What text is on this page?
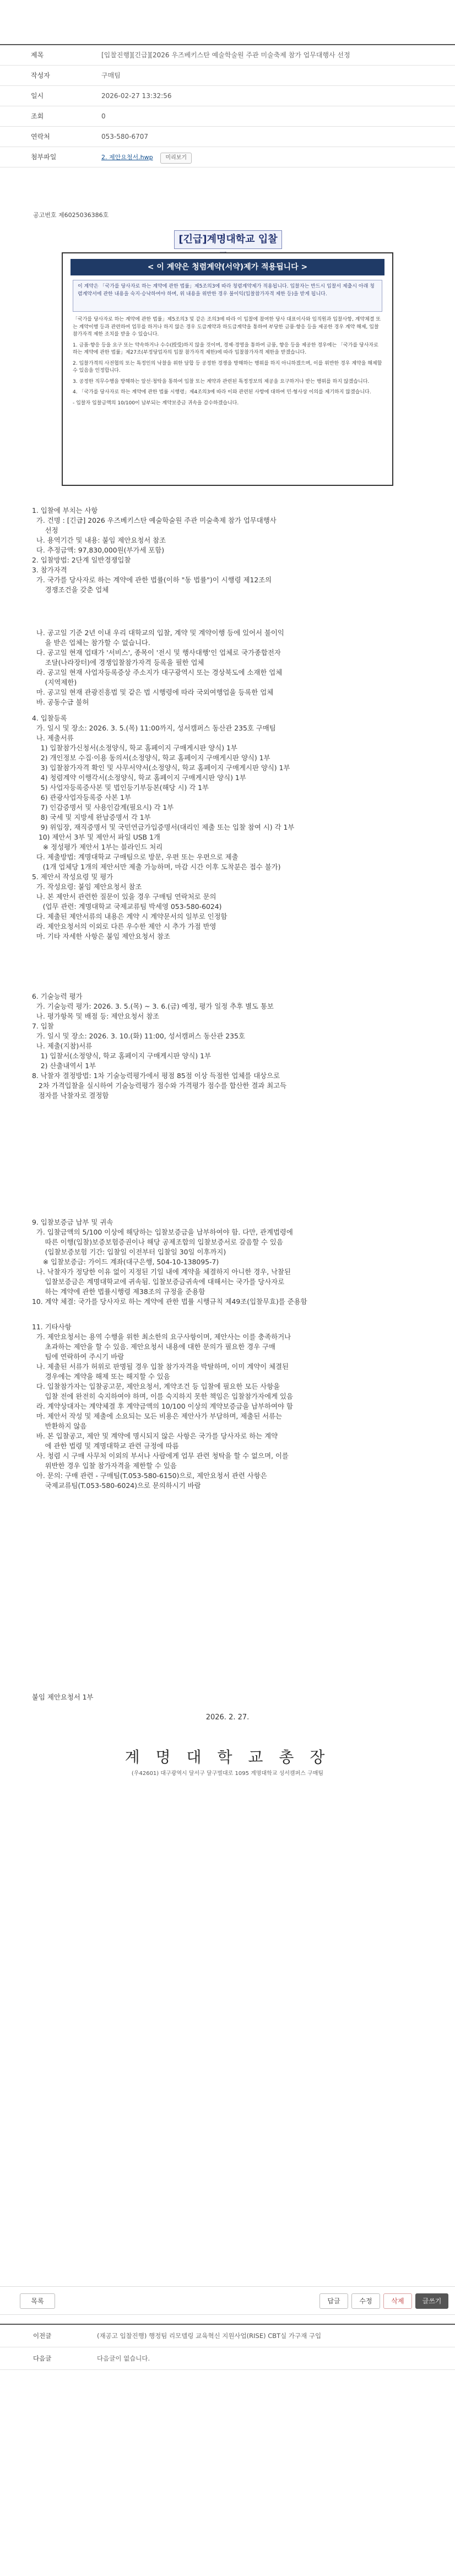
제목	[입찰진행][긴급][2026 우즈베키스탄 예술학술원 주관 미술축제 참가 업무대행사 선정
작성자	구매팀
일시	2026-02-27 13:32:56
조회	0
연락처	053-580-6707
첨부파일	2. 제안요청서.hwp 미리보기
공고번호 제6025036386호
[긴급]계명대학교 입찰
< 이 계약은 청렴계약(서약)제가 적용됩니다 >
이 계약은 「국가를 당사자로 하는 계약에 관한 법률」제5조의3에 따라 청렴계약제가 적용됩니다. 입찰자는 반드시 입찰서 제출시 아래 청렴계약서에 관한 내용을 숙지·승낙하여야 하며, 위 내용을 위반한 경우 불이익(입찰참가자격 제한 등)을 받게 됩니다.

「국가를 당사자로 하는 계약에 관한 법률」제5조의3 및 같은 조의3에 따라 이 입찰에 참여한 당사 대표이사와 임직원과 입찰사항, 계약체결 또는 계약이행 등과 관련하여 업무를 하거나 하지 않은 경우 도급계약과 하도급계약을 통하여 부당한 금품·향응 등을 제공한 경우 계약 해제, 입찰참가자격 제한 조치를 받을 수 있습니다.

1. 금품·향응 등을 요구 또는 약속하거나 수수(授受)하지 않을 것이며, 경제·경영을 통하여 금품, 향응 등을 제공한 경우에는 「국가를 당사자로 하는 계약에 관한 법률」제27조(부정당업자의 입찰 참가자격 제한)에 따라 입찰참가자격 제한을 받겠습니다.

2. 입찰가격의 사전협의 또는 특정인의 낙찰을 위한 담합 등 공정한 경쟁을 방해하는 행위를 하지 아니하겠으며, 이를 위반한 경우 계약을 해제할 수 있음을 인정합니다.

3. 공정한 직무수행을 방해하는 알선·청탁을 통하여 입찰 또는 계약과 관련된 특정정보의 제공을 요구하거나 받는 행위를 하지 않겠습니다.

4. 「국가를 당사자로 하는 계약에 관한 법률 시행령」제4조의3에 따라 이와 관련된 사항에 대하여 민·형사상 이의를 제기하지 않겠습니다.

- 입찰자 입찰금액의 10/100이 납부되는 계약보증금 귀속을 감수하겠습니다.

1. 입찰에 부치는 사항

가. 건명 : [긴급] 2026 우즈베키스탄 예술학술원 주관 미술축제 참가 업무대행사

선정

나. 용역기간 및 내용: 붙임 제안요청서 참조

다. 추정금액: 97,830,000원(부가세 포함)

2. 입찰방법: 2단계 일반경쟁입찰

3. 참가자격

가. 국가를 당사자로 하는 계약에 관한 법률(이하 "동 법률")이 시행령 제12조의

경쟁조건을 갖춘 업체

나. 공고일 기준 2년 이내 우리 대학교의 입찰, 계약 및 계약이행 등에 있어서 불이익

을 받은 업체는 참가할 수 없습니다.

다. 공고일 현재 업태가 '서비스', 종목이 '전시 및 행사대행'인 업체로 국가종합전자

조달(나라장터)에 경쟁입찰참가자격 등록을 필한 업체

라. 공고일 현재 사업자등록증상 주소지가 대구광역시 또는 경상북도에 소재한 업체

(지역제한)

마. 공고일 현재 관광진흥법 및 같은 법 시행령에 따라 국외여행업을 등록한 업체

바. 공동수급 불허

4. 입찰등록

가. 일시 및 장소: 2026. 3. 5.(목) 11:00까지, 성서캠퍼스 동산관 235호 구매팀

나. 제출서류

1) 입찰참가신청서(소정양식, 학교 홈페이지 구매게시판 양식) 1부

2) 개인정보 수집·이용 동의서(소정양식, 학교 홈페이지 구매게시판 양식) 1부

3) 입찰참가자격 확인 및 사무서약서(소정양식, 학교 홈페이지 구매게시판 양식) 1부

4) 청렴계약 이행각서(소정양식, 학교 홈페이지 구매게시판 양식) 1부

5) 사업자등록증사본 및 법인등기부등본(해당 시) 각 1부

6) 관광사업자등록증 사본 1부

7) 인감증명서 및 사용인감계(필요시) 각 1부

8) 국세 및 지방세 완납증명서 각 1부

9) 위임장, 재직증명서 및 국민연금가입증명서(대리인 제출 또는 입찰 참여 시) 각 1부

10) 제안서 3부 및 제안서 파일 USB 1개

※ 정성평가 제안서 1부는 블라인드 처리

다. 제출방법: 계명대학교 구매팀으로 방문, 우편 또는 우편으로 제출

(1개 업체당 1개의 제안서만 제출 가능하며, 마감 시간 이후 도착분은 접수 불가)

5. 제안서 작성요령 및 평가

가. 작성요령: 붙임 제안요청서 참조

나. 본 제안서 관련한 질문이 있을 경우 구매팀 연락처로 문의

(업무 관련: 계명대학교 국제교류팀 박세영 053-580-6024)

다. 제출된 제안서류의 내용은 계약 시 계약문서의 일부로 인정함

라. 제안요청서의 이외로 다른 우수한 제안 시 추가 가점 반영

마. 기타 자세한 사항은 붙임 제안요청서 참조

6. 기술능력 평가

가. 기술능력 평가: 2026. 3. 5.(목) ~ 3. 6.(금) 예정, 평가 일정 추후 별도 통보

나. 평가항목 및 배점 등: 제안요청서 참조

7. 입찰

가. 일시 및 장소: 2026. 3. 10.(화) 11:00, 성서캠퍼스 동산관 235호

나. 제출(지참)서류

1) 입찰서(소정양식, 학교 홈페이지 구매게시판 양식) 1부

2) 산출내역서 1부

8. 낙찰자 결정방법: 1차 기술능력평가에서 평점 85점 이상 득점한 업체를 대상으로

2차 가격입찰을 실시하여 기술능력평가 점수와 가격평가 점수를 합산한 결과 최고득

점자를 낙찰자로 결정함

9. 입찰보증금 납부 및 귀속

가. 입찰금액의 5/100 이상에 해당하는 입찰보증금을 납부하여야 함. 다만, 관계법령에

따른 이행(입찰)보증보험증권이나 해당 공제조합의 입찰보증서로 갈음할 수 있음

(입찰보증보험 기간: 입찰일 이전부터 입찰일 30일 이후까지)

※ 입찰보증금: 가이드 계좌(대구은행, 504-10-138095-7)

나. 낙찰자가 정당한 이유 없이 지정된 기일 내에 계약을 체결하지 아니한 경우, 낙찰된

입찰보증금은 계명대학교에 귀속됨. 입찰보증금귀속에 대해서는 국가를 당사자로

하는 계약에 관한 법률시행령 제38조의 규정을 준용함

10. 계약 체결: 국가를 당사자로 하는 계약에 관한 법률 시행규칙 제49조(입찰무효)를 준용함

11. 기타사항

가. 제안요청서는 용역 수행을 위한 최소한의 요구사항이며, 제안사는 이를 충족하거나

초과하는 제안을 할 수 있음. 제안요청서 내용에 대한 문의가 필요한 경우 구매

팀에 연락하여 주시기 바람

나. 제출된 서류가 허위로 판명될 경우 입찰 참가자격을 박탈하며, 이미 계약이 체결된

경우에는 계약을 해제 또는 해지할 수 있음

다. 입찰참가자는 입찰공고문, 제안요청서, 계약조건 등 입찰에 필요한 모든 사항을

입찰 전에 완전히 숙지하여야 하며, 이를 숙지하지 못한 책임은 입찰참가자에게 있음

라. 계약상대자는 계약체결 후 계약금액의 10/100 이상의 계약보증금을 납부하여야 함

마. 제안서 작성 및 제출에 소요되는 모든 비용은 제안사가 부담하며, 제출된 서류는

반환하지 않음

바. 본 입찰공고, 제안 및 계약에 명시되지 않은 사항은 국가를 당사자로 하는 계약

에 관한 법령 및 계명대학교 관련 규정에 따름

사. 청렴 시 구매 사무처 이외의 부서나 사람에게 업무 관련 청탁을 할 수 없으며, 이를

위반한 경우 입찰 참가자격을 제한할 수 있음

아. 문의: 구매 관련 - 구매팀(T.053-580-6150)으로, 제안요청서 관련 사항은

국제교류팀(T.053-580-6024)으로 문의하시기 바람

붙임 제안요청서 1부

2026. 2. 27.
계 명 대 학 교 총 장
(우42601) 대구광역시 달서구 달구벌대로 1095 계명대학교 성서캠퍼스 구매팀
목록	답글	수정	삭제	글쓰기
이전글	(재공고 입찰진행) 행정팀 리모델링 교육혁신 지원사업(RISE) CBT실 가구재 구입
다음글	다음글이 없습니다.
